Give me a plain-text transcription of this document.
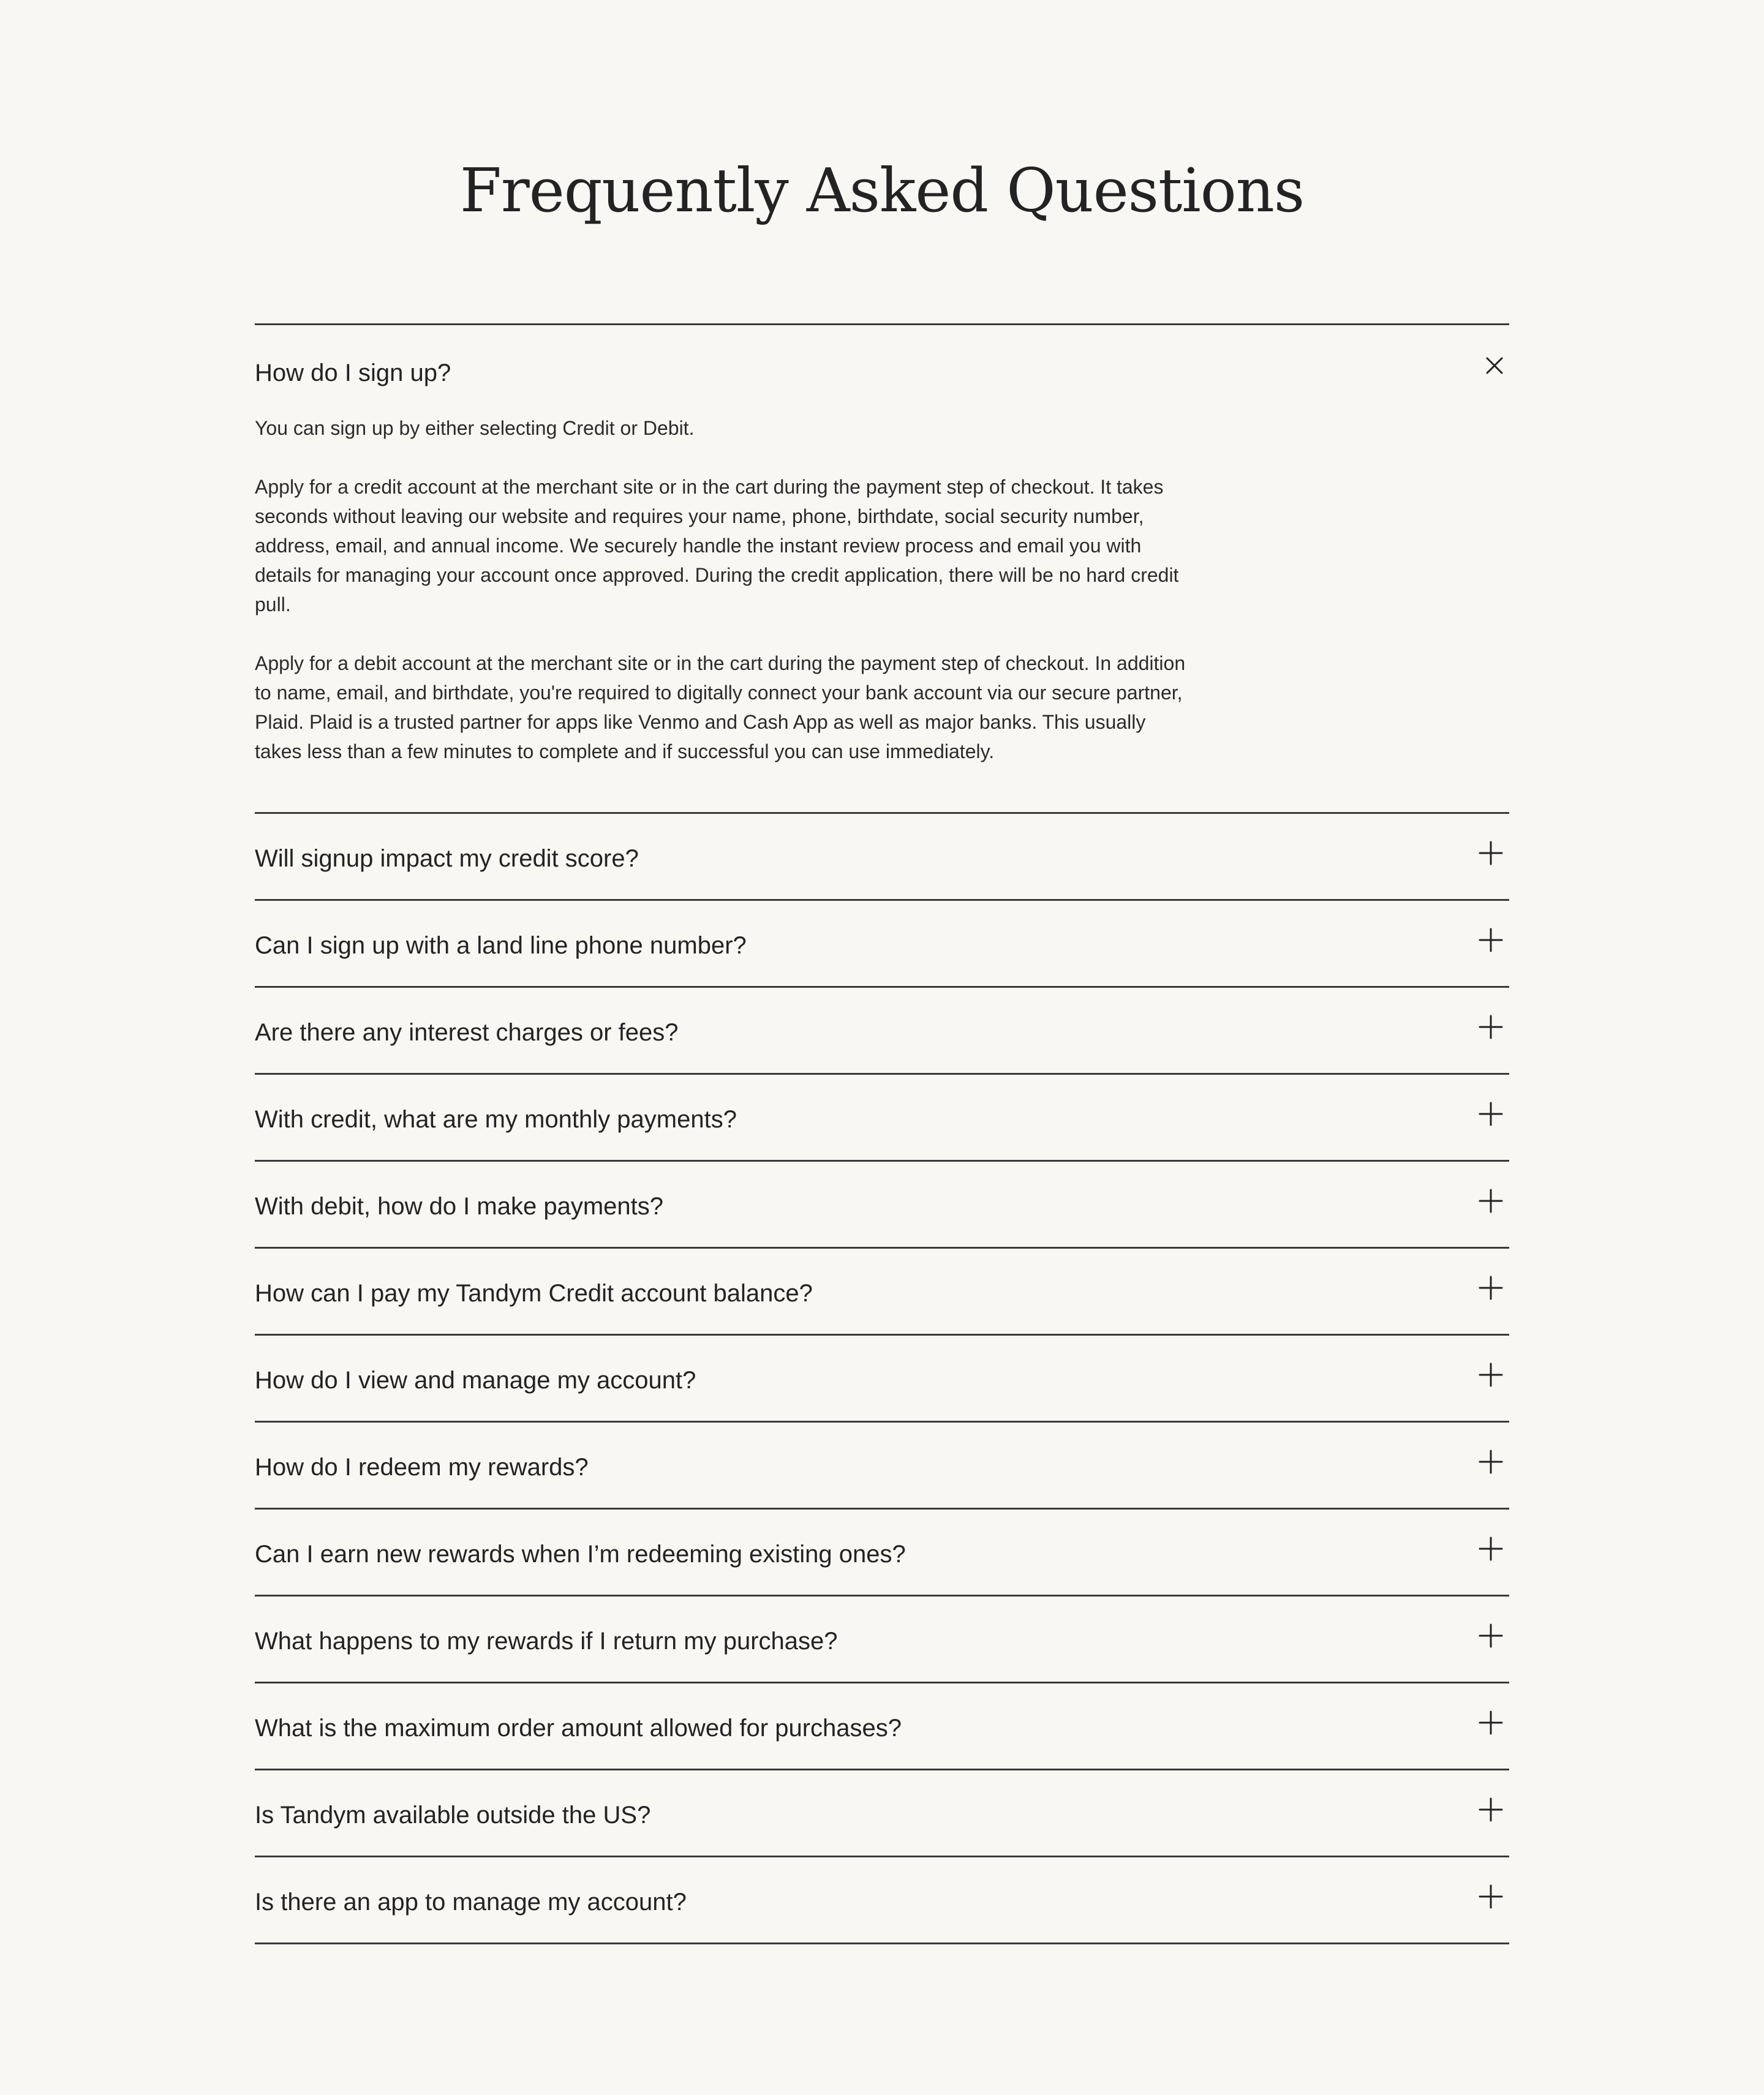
Frequently Asked Questions
How do I sign up?

You can sign up by either selecting Credit or Debit.

Apply for a credit account at the merchant site or in the cart during the payment step of checkout. It takes seconds without leaving our website and requires your name, phone, birthdate, social security number, address, email, and annual income. We securely handle the instant review process and email you with details for managing your account once approved. During the credit application, there will be no hard credit pull.

Apply for a debit account at the merchant site or in the cart during the payment step of checkout. In addition to name, email, and birthdate, you're required to digitally connect your bank account via our secure partner, Plaid. Plaid is a trusted partner for apps like Venmo and Cash App as well as major banks. This usually takes less than a few minutes to complete and if successful you can use immediately.

Will signup impact my credit score?
Can I sign up with a land line phone number?
Are there any interest charges or fees?
With credit, what are my monthly payments?
With debit, how do I make payments?
How can I pay my Tandym Credit account balance?
How do I view and manage my account?
How do I redeem my rewards?
Can I earn new rewards when I’m redeeming existing ones?
What happens to my rewards if I return my purchase?
What is the maximum order amount allowed for purchases?
Is Tandym available outside the US?
Is there an app to manage my account?
